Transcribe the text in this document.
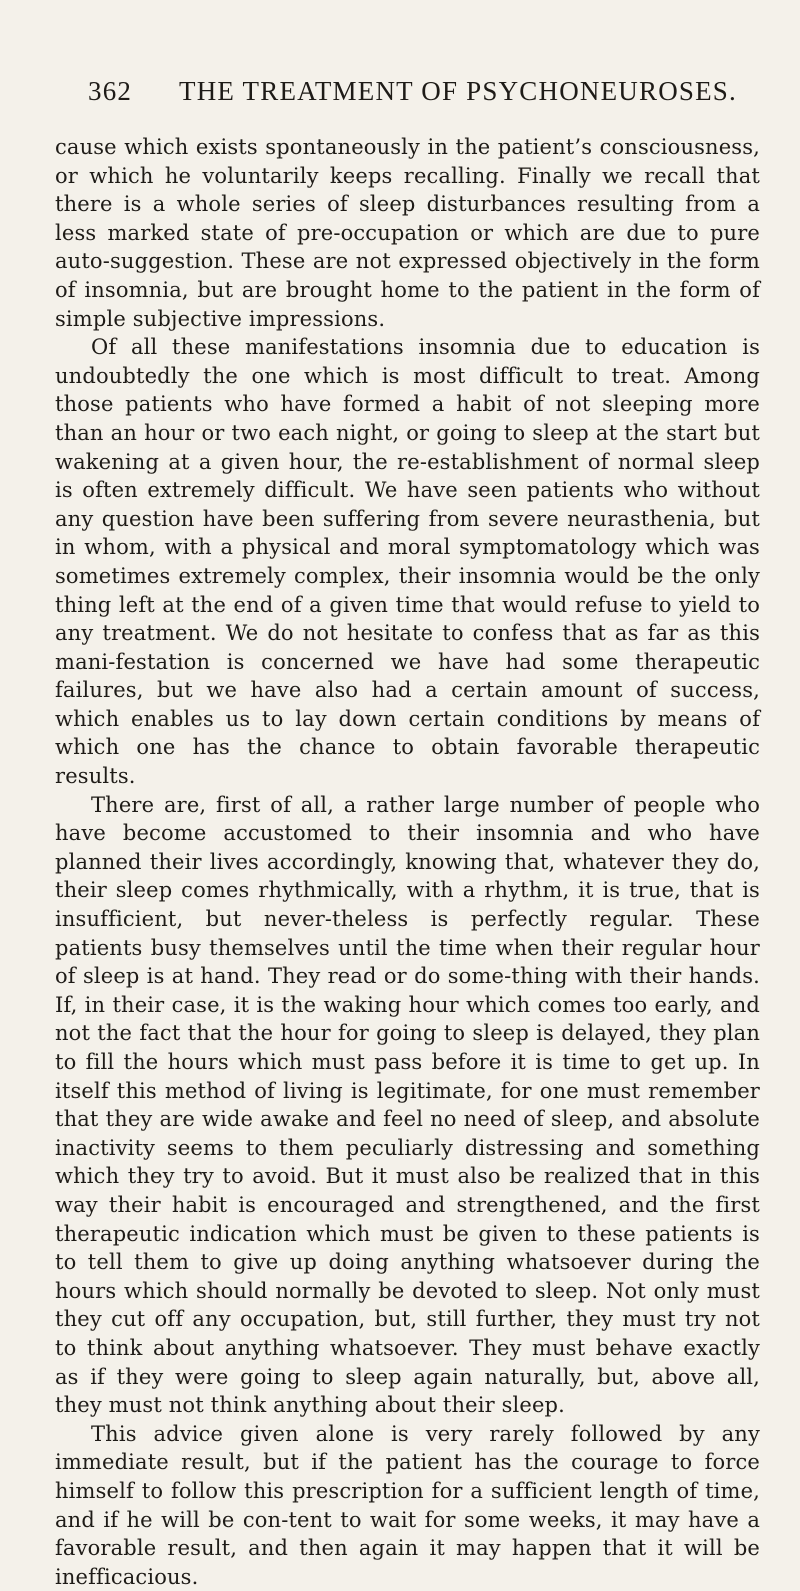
362 THE TREATMENT OF PSYCHONEUROSES.

cause which exists spontaneously in the patient’s consciousness, or which he voluntarily keeps recalling. Finally we recall that there is a whole series of sleep disturbances resulting from a less marked state of pre-occupation or which are due to pure auto-suggestion. These are not expressed objectively in the form of insomnia, but are brought home to the patient in the form of simple subjective impressions.

Of all these manifestations insomnia due to education is undoubtedly the one which is most difficult to treat. Among those patients who have formed a habit of not sleeping more than an hour or two each night, or going to sleep at the start but wakening at a given hour, the re-establishment of normal sleep is often extremely difficult. We have seen patients who without any question have been suffering from severe neurasthenia, but in whom, with a physical and moral symptomatology which was sometimes extremely complex, their insomnia would be the only thing left at the end of a given time that would refuse to yield to any treatment. We do not hesitate to confess that as far as this mani-festation is concerned we have had some therapeutic failures, but we have also had a certain amount of success, which enables us to lay down certain conditions by means of which one has the chance to obtain favorable therapeutic results.

There are, first of all, a rather large number of people who have become accustomed to their insomnia and who have planned their lives accordingly, knowing that, whatever they do, their sleep comes rhythmically, with a rhythm, it is true, that is insufficient, but never-theless is perfectly regular. These patients busy themselves until the time when their regular hour of sleep is at hand. They read or do some-thing with their hands. If, in their case, it is the waking hour which comes too early, and not the fact that the hour for going to sleep is delayed, they plan to fill the hours which must pass before it is time to get up. In itself this method of living is legitimate, for one must remember that they are wide awake and feel no need of sleep, and absolute inactivity seems to them peculiarly distressing and something which they try to avoid. But it must also be realized that in this way their habit is encouraged and strengthened, and the first therapeutic indication which must be given to these patients is to tell them to give up doing anything whatsoever during the hours which should normally be devoted to sleep. Not only must they cut off any occupation, but, still further, they must try not to think about anything whatsoever. They must behave exactly as if they were going to sleep again naturally, but, above all, they must not think anything about their sleep.

This advice given alone is very rarely followed by any immediate result, but if the patient has the courage to force himself to follow this prescription for a sufficient length of time, and if he will be con-tent to wait for some weeks, it may have a favorable result, and then again it may happen that it will be inefficacious.
